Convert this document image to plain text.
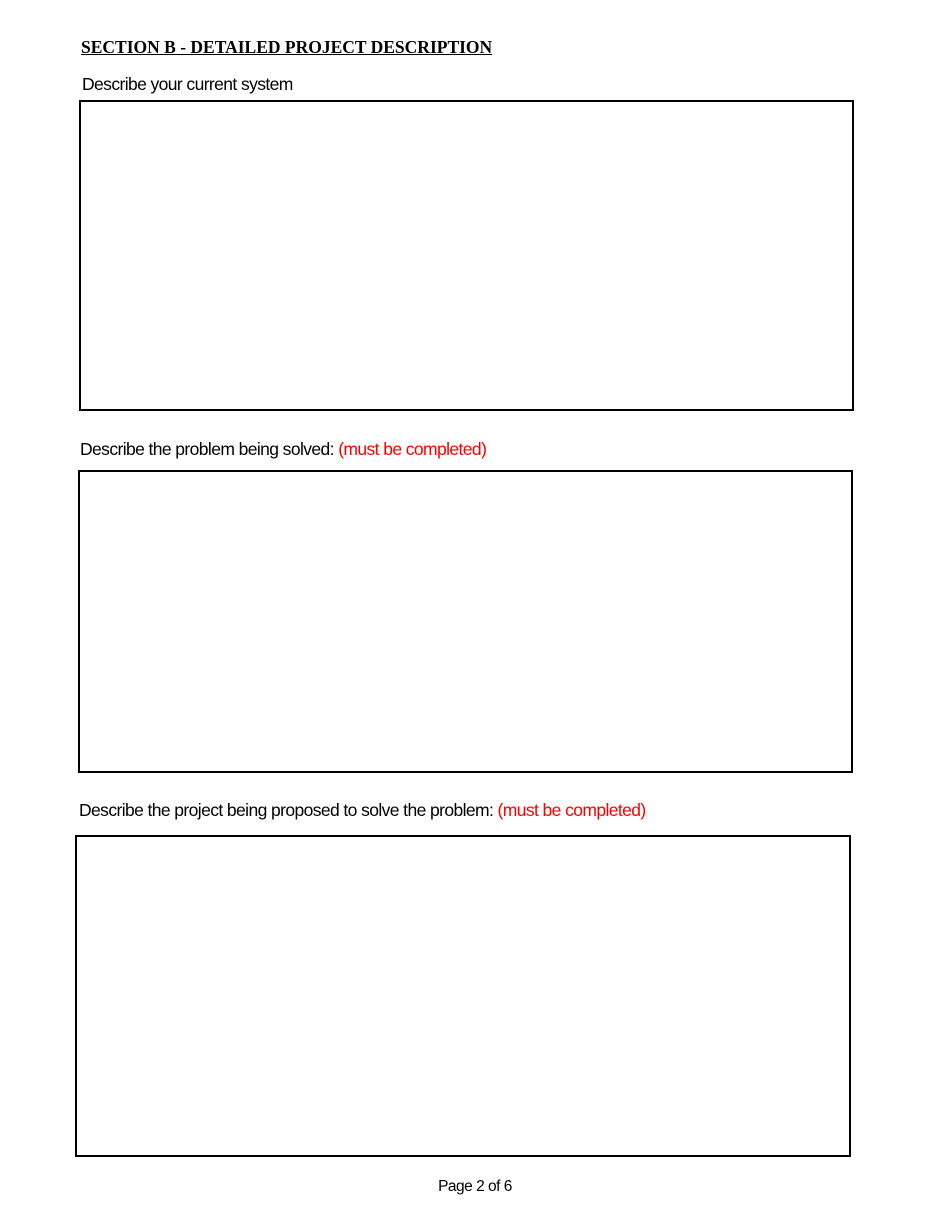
SECTION B - DETAILED PROJECT DESCRIPTION
Describe your current system
Describe the problem being solved: (must be completed)
Describe the project being proposed to solve the problem: (must be completed)
Page 2 of 6
